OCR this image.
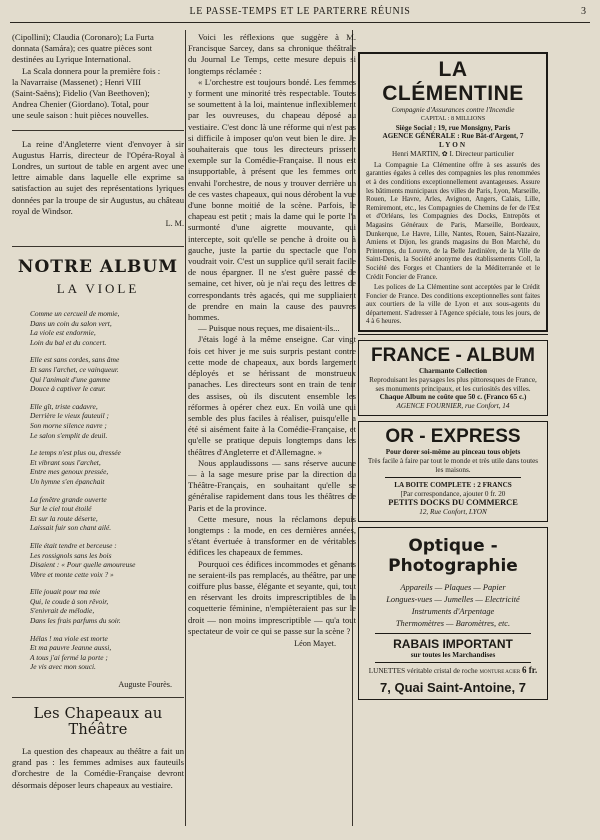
LE PASSE-TEMPS ET LE PARTERRE RÉUNIS	3
(Cipollini); Claudia (Coronaro); La Furta
donnata (Samára); ces quatre pièces sont
destinées au Lyrique International.
La Scala donnera pour la première fois :
la Navarraise (Massenet) ; Henri VIII
(Saint-Saëns); Fidelio (Van Beethoven);
Andrea Chenier (Giordano). Total, pour
une seule saison : huit pièces nouvelles.

La reine d'Angleterre vient d'envoyer à sir Augustus Harris, directeur de l'Opéra-Royal à Londres, un surtout de table en argent avec une lettre aimable dans laquelle elle exprime sa satisfaction au sujet des représentations lyriques données par la troupe de sir Augustus, au château royal de Windsor.

L. M.
NOTRE ALBUM
LA VIOLE
Comme un cercueil de momie,
Dans un coin du salon vert,
La viole est endormie,
Loin du bal et du concert.
Elle est sans cordes, sans âme
Et sans l'archet, ce vainqueur.
Qui l'animait d'une gamme
Douce à captiver le cœur.
Elle gît, triste cadavre,
Derrière le vieux fauteuil ;
Son morne silence navre ;
Le salon s'emplit de deuil.
Le temps n'est plus ou, dressée
Et vibrant sous l'archet,
Entre mes genoux pressée,
Un hymne s'en épanchait
La fenêtre grande ouverte
Sur le ciel tout étoilé
Et sur la route déserte,
Laissait fuir son chant ailé.
Elle était tendre et berceuse :
Les rossignols sans les bois
Disaient : « Pour quelle amoureuse
Vibre et monte cette voix ? »
Elle jouait pour ma mie
Qui, le coude à son rêvoir,
S'enivrait de mélodie,
Dans les frais parfums du soir.
Hélas ! ma viole est morte
Et ma pauvre Jeanne aussi,
A tous j'ai fermé la porte ;
Je vis avec mon souci.
Auguste Fourès.
Les Chapeaux au Théâtre

La question des chapeaux au théâtre a fait un grand pas : les femmes admises aux fauteuils d'orchestre de la Comédie-Française devront désormais déposer leurs chapeaux au vestiaire.

Voici les réflexions que suggère à M. Francisque Sarcey, dans sa chronique théâtrale du Journal Le Temps, cette mesure depuis si longtemps réclamée :

« L'orchestre est toujours bondé. Les femmes y forment une minorité très respectable. Toutes se soumettent à la loi, maintenue inflexiblement par les ouvreuses, du chapeau déposé au vestiaire. C'est donc là une réforme qui n'est pas si difficile à imposer qu'on veut bien le dire. Je souhaiterais que tous les directeurs prissent exemple sur la Comédie-Française. Il nous est insupportable, à présent que les femmes ont envahi l'orchestre, de nous y trouver derrière un de ces vastes chapeaux, qui nous dérobent la vue d'une bonne moitié de la scène. Parfois, le chapeau est petit ; mais la dame qui le porte l'a surmonté d'une aigrette mouvante, qui intercepte, soit qu'elle se penche à droite ou à gauche, juste la partie du spectacle que l'on voudrait voir. C'est un supplice qu'il serait facile de nous épargner. Il ne s'est guère passé de semaine, cet hiver, où je n'ai reçu des lettres de correspondants très agacés, qui me suppliaient de prendre en main la cause des pauvres hommes.

— Puisque nous reçues, me disaient-ils...

J'étais logé à la même enseigne. Car vingt fois cet hiver je me suis surpris pestant contre cette mode de chapeaux, aux bords largement déployés et se hérissant de monstrueux panaches. Les directeurs sont en train de tenir des assises, où ils discutent ensemble les réformes à opérer chez eux. En voilà une qui semble des plus faciles à réaliser, puisqu'elle a été si aisément faite à la Comédie-Française, et qu'elle se pratique depuis longtemps dans les théâtres d'Angleterre et d'Allemagne. »

Nous applaudissons — sans réserve aucune — à la sage mesure prise par la direction du Théâtre-Français, en souhaitant qu'elle se généralise rapidement dans tous les théâtres de Paris et de la province.

Cette mesure, nous la réclamons depuis longtemps : la mode, en ces dernières années, s'étant évertuée à transformer en de véritables édifices les chapeaux de femmes.

Pourquoi ces édifices incommodes et gênants ne seraient-ils pas remplacés, au théâtre, par une coiffure plus basse, élégante et seyante, qui, tout en réservant les droits imprescriptibles de la coquetterie féminine, n'empièteraient pas sur le droit — non moins imprescriptible — qu'a tout spectateur de voir ce qui se passe sur la scène ?

Léon Mayet.
LA CLÉMENTINE
Compagnie d'Assurances contre l'Incendie
CAPITAL : 8 MILLIONS
Siège Social : 19, rue Monsigny, Paris
AGENCE GÉNÉRALE : Rue Bât-d'Argent, 7
LYON
Henri MARTIN, ✿ I. Directeur particulier

La Compagnie La Clémentine offre à ses assurés des garanties égales à celles des compagnies les plus renommées et à des conditions exceptionnellement avantageuses. Assure les bâtiments municipaux des villes de Paris, Lyon, Marseille, Rouen, Le Havre, Arles, Avignon, Angers, Calais, Lille, Remiremont, etc., les Compagnies de Chemins de fer de l'Est et d'Orléans, les Compagnies des Docks, Entrepôts et Magasins Généraux de Paris, Marseille, Bordeaux, Dunkerque, Le Havre, Lille, Nantes, Rouen, Saint-Nazaire, Amiens et Dijon, les grands magasins du Bon Marché, du Printemps, du Louvre, de la Belle Jardinière, de la Ville de Saint-Denis, la Société anonyme des établissements Coll, la Société des Forges et Chantiers de la Méditerranée et le Crédit Foncier de France.

Les polices de La Clémentine sont acceptées par le Crédit Foncier de France. Des conditions exceptionnelles sont faites aux courtiers de la ville de Lyon et aux sous-agents du département. S'adresser à l'Agence spéciale, tous les jours, de 4 à 6 heures.

FRANCE - ALBUM
Charmante Collection
Reproduisant les paysages les plus pittoresques de France, ses monuments principaux, et les curiosités des villes.
Chaque Album ne coûte que 50 c. (Franco 65 c.)
AGENCE FOURNIER, rue Confort, 14
OR - EXPRESS
Pour dorer soi-même au pinceau tous objets
Très facile à faire par tout le monde et très utile dans toutes les maisons.
LA BOITE COMPLETE : 2 FRANCS
[Par correspondance, ajouter 0 fr. 20
PETITS DOCKS DU COMMERCE
12, Rue Confort, LYON
Optique - Photographie
Appareils — Plaques — Papier
Longues-vues — Jumelles — Electricité
Instruments d'Arpentage
Thermomètres — Baromètres, etc.
RABAIS IMPORTANT
sur toutes les Marchandises
LUNETTES véritable cristal de roche MONTURE ACIER 6 fr.
7, Quai Saint-Antoine, 7
